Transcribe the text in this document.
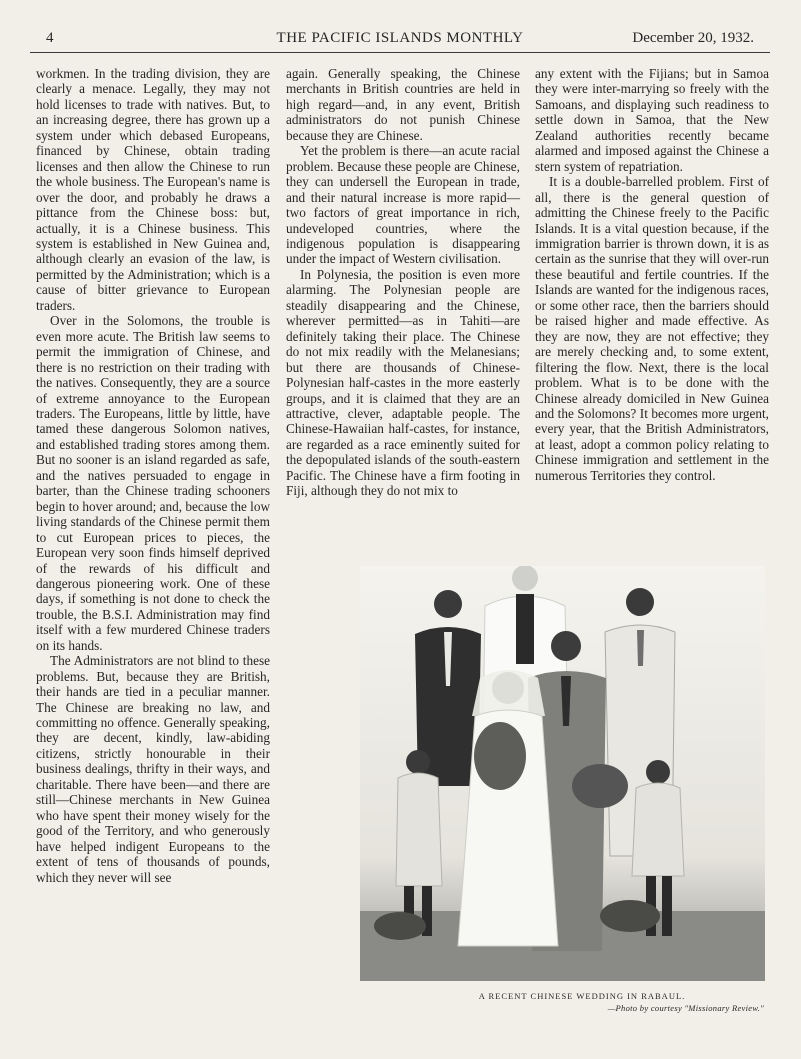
4	THE PACIFIC ISLANDS MONTHLY	December 20, 1932.

workmen. In the trading division, they are clearly a menace. Legally, they may not hold licenses to trade with natives. But, to an increasing degree, there has grown up a system under which debased Europeans, financed by Chinese, obtain trading licenses and then allow the Chinese to run the whole business. The European's name is over the door, and probably he draws a pittance from the Chinese boss: but, actually, it is a Chinese business. This system is established in New Guinea and, although clearly an evasion of the law, is permitted by the Administration; which is a cause of bitter grievance to European traders.

Over in the Solomons, the trouble is even more acute. The British law seems to permit the immigration of Chinese, and there is no restriction on their trading with the natives. Consequently, they are a source of extreme annoyance to the European traders. The Europeans, little by little, have tamed these dangerous Solomon natives, and established trading stores among them. But no sooner is an island regarded as safe, and the natives persuaded to engage in barter, than the Chinese trading schooners begin to hover around; and, because the low living standards of the Chinese permit them to cut European prices to pieces, the European very soon finds himself deprived of the rewards of his difficult and dangerous pioneering work. One of these days, if something is not done to check the trouble, the B.S.I. Administration may find itself with a few murdered Chinese traders on its hands.

The Administrators are not blind to these problems. But, because they are British, their hands are tied in a peculiar manner. The Chinese are breaking no law, and committing no offence. Generally speaking, they are decent, kindly, law-abiding citizens, strictly honourable in their business dealings, thrifty in their ways, and charitable. There have been—and there are still—Chinese merchants in New Guinea who have spent their money wisely for the good of the Territory, and who generously have helped indigent Europeans to the extent of tens of thousands of pounds, which they never will see

again. Generally speaking, the Chinese merchants in British countries are held in high regard—and, in any event, British administrators do not punish Chinese because they are Chinese.

Yet the problem is there—an acute racial problem. Because these people are Chinese, they can undersell the European in trade, and their natural increase is more rapid—two factors of great importance in rich, undeveloped countries, where the indigenous population is disappearing under the impact of Western civilisation.

In Polynesia, the position is even more alarming. The Polynesian people are steadily disappearing and the Chinese, wherever permitted—as in Tahiti—are definitely taking their place. The Chinese do not mix readily with the Melanesians; but there are thousands of Chinese-Polynesian half-castes in the more easterly groups, and it is claimed that they are an attractive, clever, adaptable people. The Chinese-Hawaiian half-castes, for instance, are regarded as a race eminently suited for the depopulated islands of the south-eastern Pacific. The Chinese have a firm footing in Fiji, although they do not mix to

any extent with the Fijians; but in Samoa they were inter-marrying so freely with the Samoans, and displaying such readiness to settle down in Samoa, that the New Zealand authorities recently became alarmed and imposed against the Chinese a stern system of repatriation.

It is a double-barrelled problem. First of all, there is the general question of admitting the Chinese freely to the Pacific Islands. It is a vital question because, if the immigration barrier is thrown down, it is as certain as the sunrise that they will over-run these beautiful and fertile countries. If the Islands are wanted for the indigenous races, or some other race, then the barriers should be raised higher and made effective. As they are now, they are not effective; they are merely checking and, to some extent, filtering the flow. Next, there is the local problem. What is to be done with the Chinese already domiciled in New Guinea and the Solomons? It becomes more urgent, every year, that the British Administrators, at least, adopt a common policy relating to Chinese immigration and settlement in the numerous Territories they control.

A RECENT CHINESE WEDDING IN RABAUL.
—Photo by courtesy "Missionary Review."
